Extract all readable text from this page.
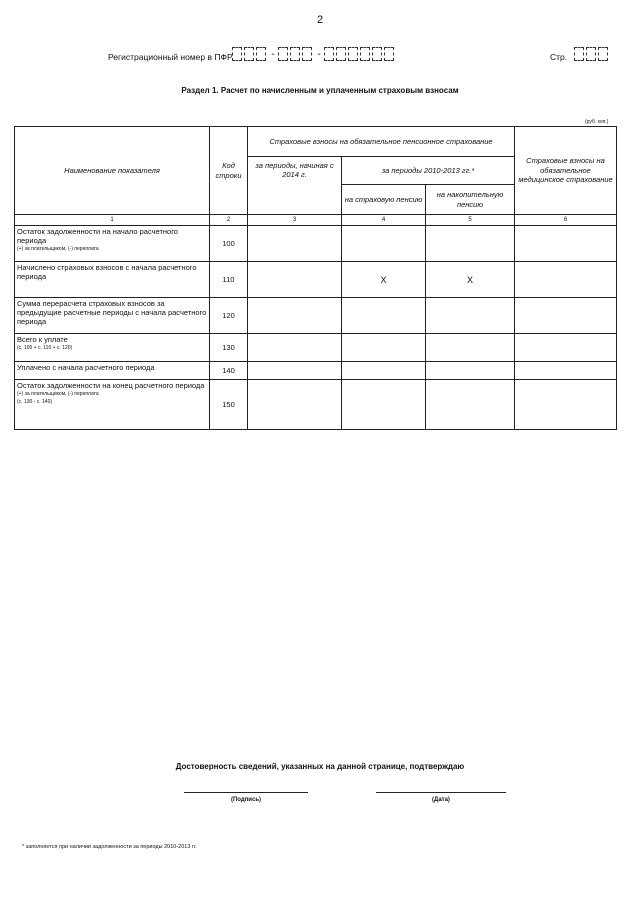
2
Регистрационный номер в ПФР	-	-	Стр.
Раздел 1. Расчет по начисленным и уплаченным страховым взносам
(руб. коп.)
Наименование показателя	Код строки	Страховые взносы на обязательное пенсионное страхование			Страховые взносы на обязательное медицинское страхование
		за периоды, начиная с 2014 г.	за периоды 2010-2013 гг.*		
			на страховую пенсию	на накопительную пенсию	
1	2	3	4	5	6
Остаток задолженности на начало расчетного периода
(+) за плательщиком, (-) переплата	100				
Начислено страховых взносов с начала расчетного периода	110		X	X	
Сумма перерасчета страховых взносов за предыдущие расчетные периоды с начала расчетного периода	120				
Всего к уплате
(с. 100 + с. 110 + с. 120)	130				
Уплачено с начала расчетного периода	140				
Остаток задолженности на конец расчетного периода
(+) за плательщиком, (-) переплата
(с. 130 - с. 140)	150				
Достоверность сведений, указанных на данной странице, подтверждаю
(Подпись)	(Дата)
* заполняется при наличии задолженности за периоды 2010-2013 гг.
